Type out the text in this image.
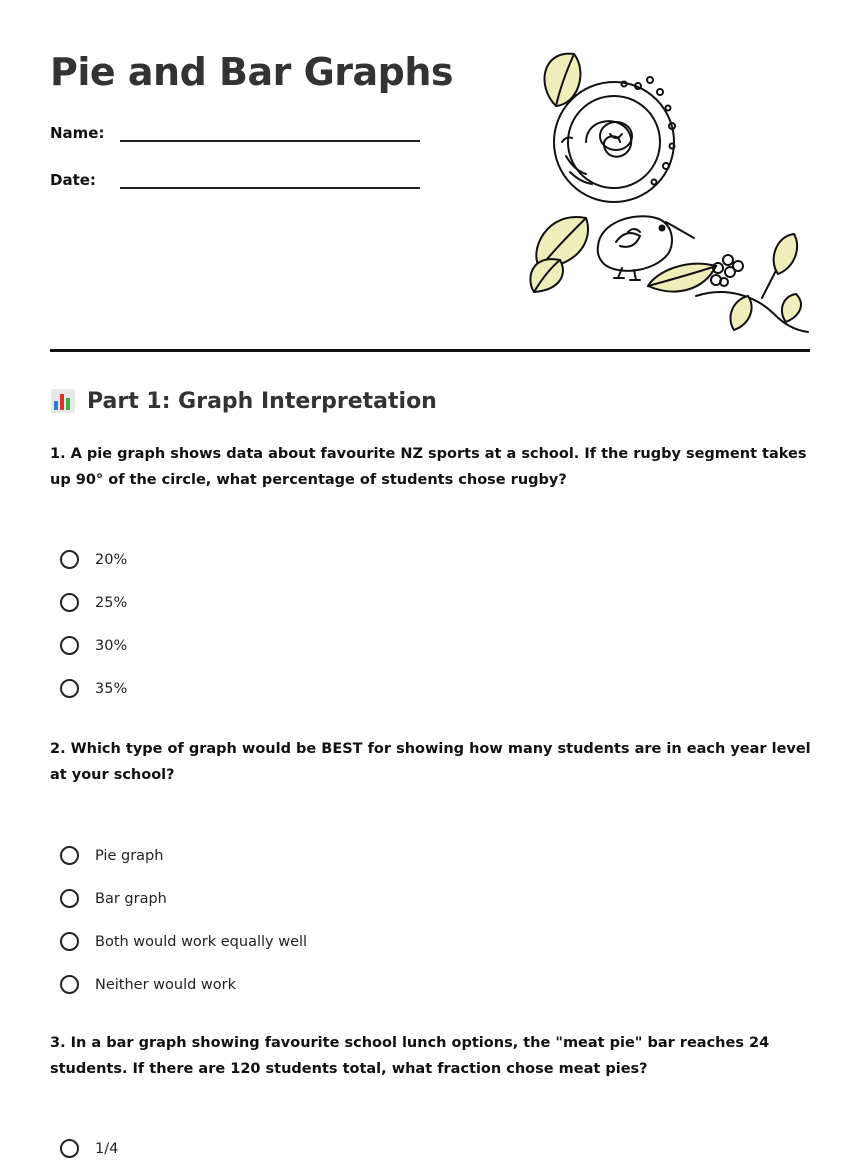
Pie and Bar Graphs
Name:
Date:
Part 1: Graph Interpretation

1. A pie graph shows data about favourite NZ sports at a school. If the rugby segment takes up 90° of the circle, what percentage of students chose rugby?

20%
25%
30%
35%

2. Which type of graph would be BEST for showing how many students are in each year level at your school?

Pie graph
Bar graph
Both would work equally well
Neither would work

3. In a bar graph showing favourite school lunch options, the "meat pie" bar reaches 24 students. If there are 120 students total, what fraction chose meat pies?

1/4
